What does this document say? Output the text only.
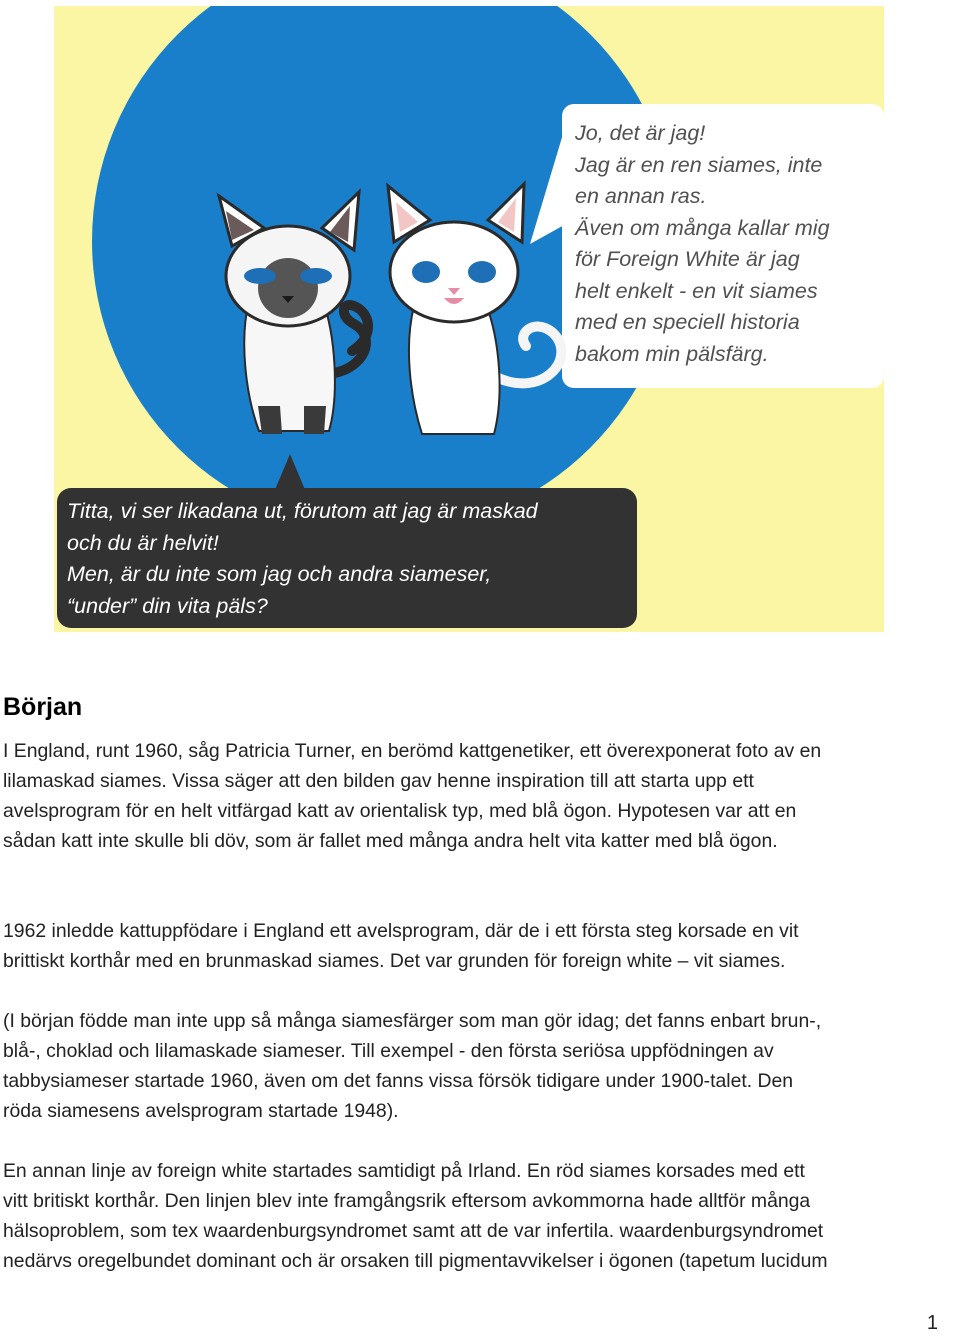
Jo, det är jag!
Jag är en ren siames, inte
en annan ras.
Även om många kallar mig
för Foreign White är jag
helt enkelt - en vit siames
med en speciell historia
bakom min pälsfärg.
Titta, vi ser likadana ut, förutom att jag är maskad
och du är helvit!
Men, är du inte som jag och andra siameser,
“under” din vita päls?
Början

I England, runt 1960, såg Patricia Turner, en berömd kattgenetiker, ett överexponerat foto av en
lilamaskad siames. Vissa säger att den bilden gav henne inspiration till att starta upp ett
avelsprogram för en helt vitfärgad katt av orientalisk typ, med blå ögon. Hypotesen var att en
sådan katt inte skulle bli döv, som är fallet med många andra helt vita katter med blå ögon.

1962 inledde kattuppfödare i England ett avelsprogram, där de i ett första steg korsade en vit
brittiskt korthår med en brunmaskad siames. Det var grunden för foreign white – vit siames.

(I början födde man inte upp så många siamesfärger som man gör idag; det fanns enbart brun-,
blå-, choklad och lilamaskade siameser. Till exempel - den första seriösa uppfödningen av
tabbysiameser startade 1960, även om det fanns vissa försök tidigare under 1900-talet. Den
röda siamesens avelsprogram startade 1948).

En annan linje av foreign white startades samtidigt på Irland. En röd siames korsades med ett
vitt britiskt korthår. Den linjen blev inte framgångsrik eftersom avkommorna hade alltför många
hälsoproblem, som tex waardenburgsyndromet samt att de var infertila. waardenburgsyndromet
nedärvs oregelbundet dominant och är orsaken till pigmentavvikelser i ögonen (tapetum lucidum

1
